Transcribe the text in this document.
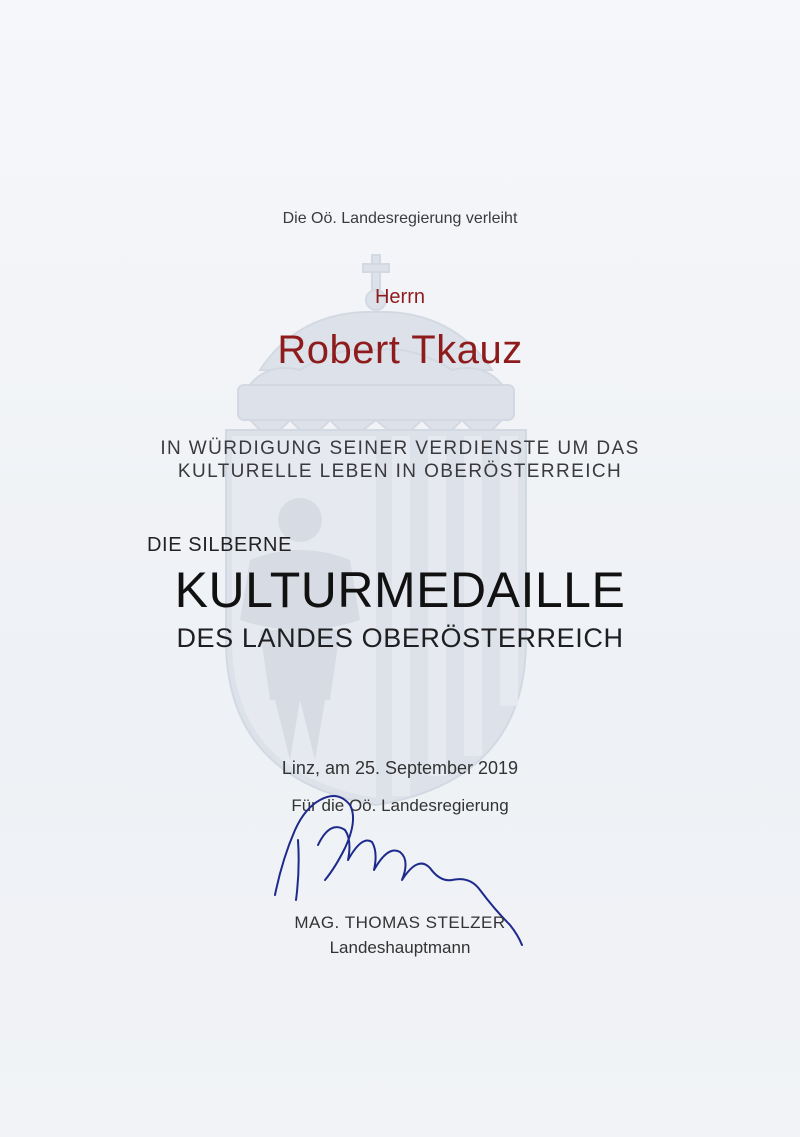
Die Oö. Landesregierung verleiht
Herrn
Robert Tkauz
IN WÜRDIGUNG SEINER VERDIENSTE UM DAS
KULTURELLE LEBEN IN OBERÖSTERREICH
DIE SILBERNE
KULTURMEDAILLE
DES LANDES OBERÖSTERREICH
Linz, am 25. September 2019
Für die Oö. Landesregierung
MAG. THOMAS STELZER
Landeshauptmann
